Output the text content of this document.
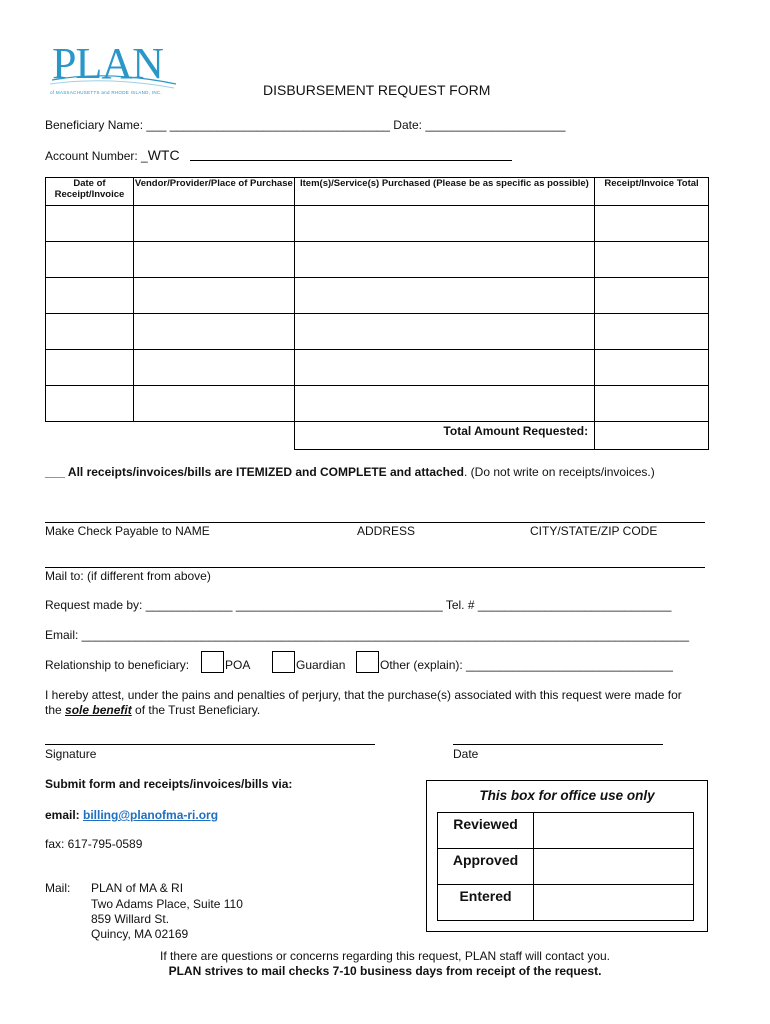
PLAN
of MASSACHUSETTS and RHODE ISLAND, INC.	DISBURSEMENT REQUEST FORM
Beneficiary Name: ___ _________________________________ Date: _____________________
Account Number: _WTC
Date of Receipt/Invoice	Vendor/Provider/Place of Purchase	Item(s)/Service(s) Purchased (Please be as specific as possible)	Receipt/Invoice Total

		Total Amount Requested:	
___ All receipts/invoices/bills are ITEMIZED and COMPLETE and attached. (Do not write on receipts/invoices.)
Make Check Payable to NAME	ADDRESS	CITY/STATE/ZIP CODE
Mail to: (if different from above)
Request made by: _____________ _______________________________ Tel. # _____________________________
Email: ___________________________________________________________________________________________
Relationship to beneficiary:	POA	Guardian	Other (explain): _______________________________
I hereby attest, under the pains and penalties of perjury, that the purchase(s) associated with this request were made for
the sole benefit of the Trust Beneficiary.
Signature	Date
Submit form and receipts/invoices/bills via:
email: billing@planofma-ri.org
fax: 617-795-0589
Mail: PLAN of MA & RI
Two Adams Place, Suite 110
859 Willard St.
Quincy, MA 02169
This box for office use only
Reviewed	
Approved	
Entered	
If there are questions or concerns regarding this request, PLAN staff will contact you.
PLAN strives to mail checks 7-10 business days from receipt of the request.
